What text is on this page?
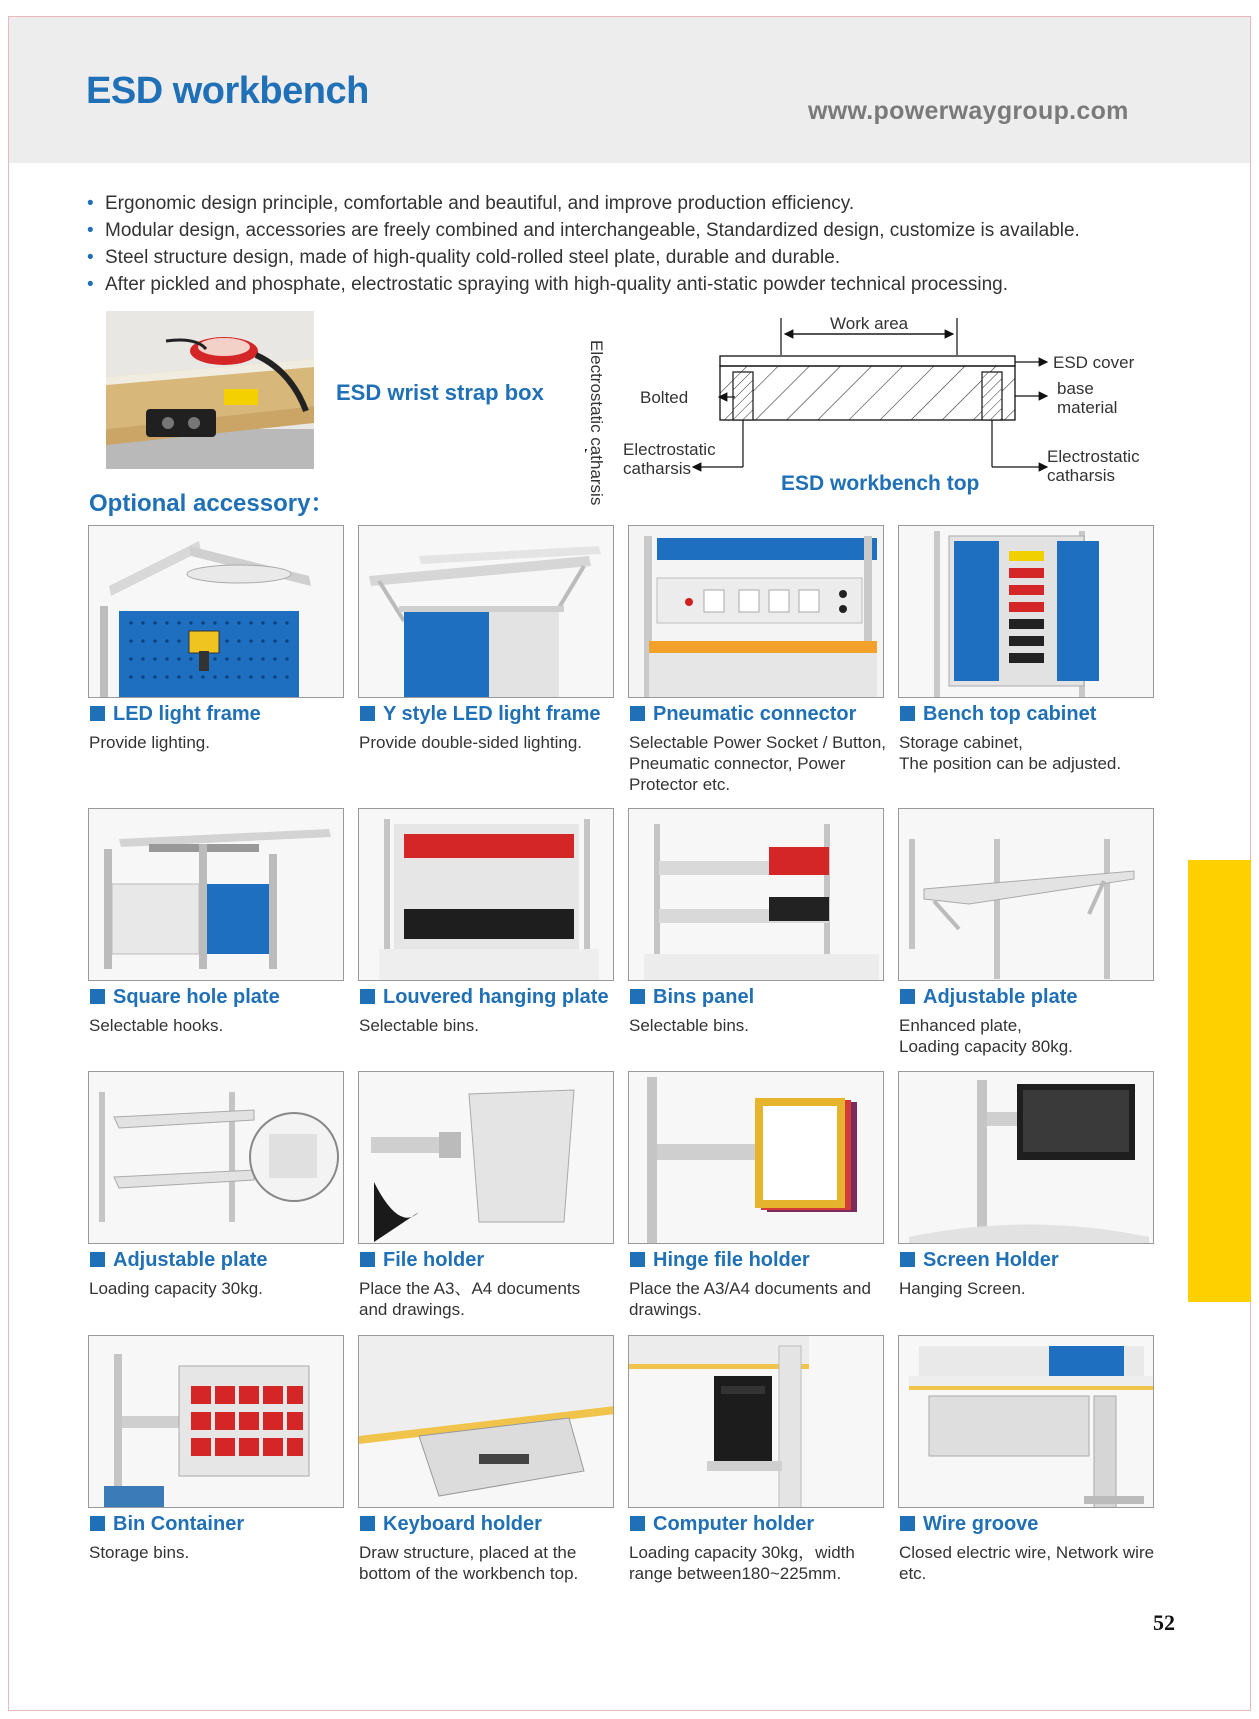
ESD workbench	www.powerwaygroup.com
• Ergonomic design principle, comfortable and beautiful, and improve production efficiency.
• Modular design, accessories are freely combined and interchangeable, Standardized design, customize is available.
• Steel structure design, made of high-quality cold-rolled steel plate, durable and durable.
• After pickled and phosphate, electrostatic spraying with high-quality anti-static powder technical processing.
ESD wrist strap box	Electrostatic catharsis
Work area
ESD cover
base
material
Bolted
Electrostatic
catharsis
Electrostatic
catharsis
ESD workbench top
Optional accessory：
LED light frame
Provide lighting.
Y style LED light frame
Provide double-sided lighting.
Pneumatic connector
Selectable Power Socket / Button,
Pneumatic connector, Power
Protector etc.
Bench top cabinet
Storage cabinet,
The position can be adjusted.
Square hole plate
Selectable hooks.
Louvered hanging plate
Selectable bins.
Bins panel
Selectable bins.
Adjustable plate
Enhanced plate,
Loading capacity 80kg.
Adjustable plate
Loading capacity 30kg.
File holder
Place the A3、A4 documents
and drawings.
Hinge file holder
Place the A3/A4 documents and
drawings.
Screen Holder
Hanging Screen.
Bin Container
Storage bins.
Keyboard holder
Draw structure, placed at the
bottom of the workbench top.
Computer holder
Loading capacity 30kg，width
range between180~225mm.
Wire groove
Closed electric wire, Network wire
etc.
52
